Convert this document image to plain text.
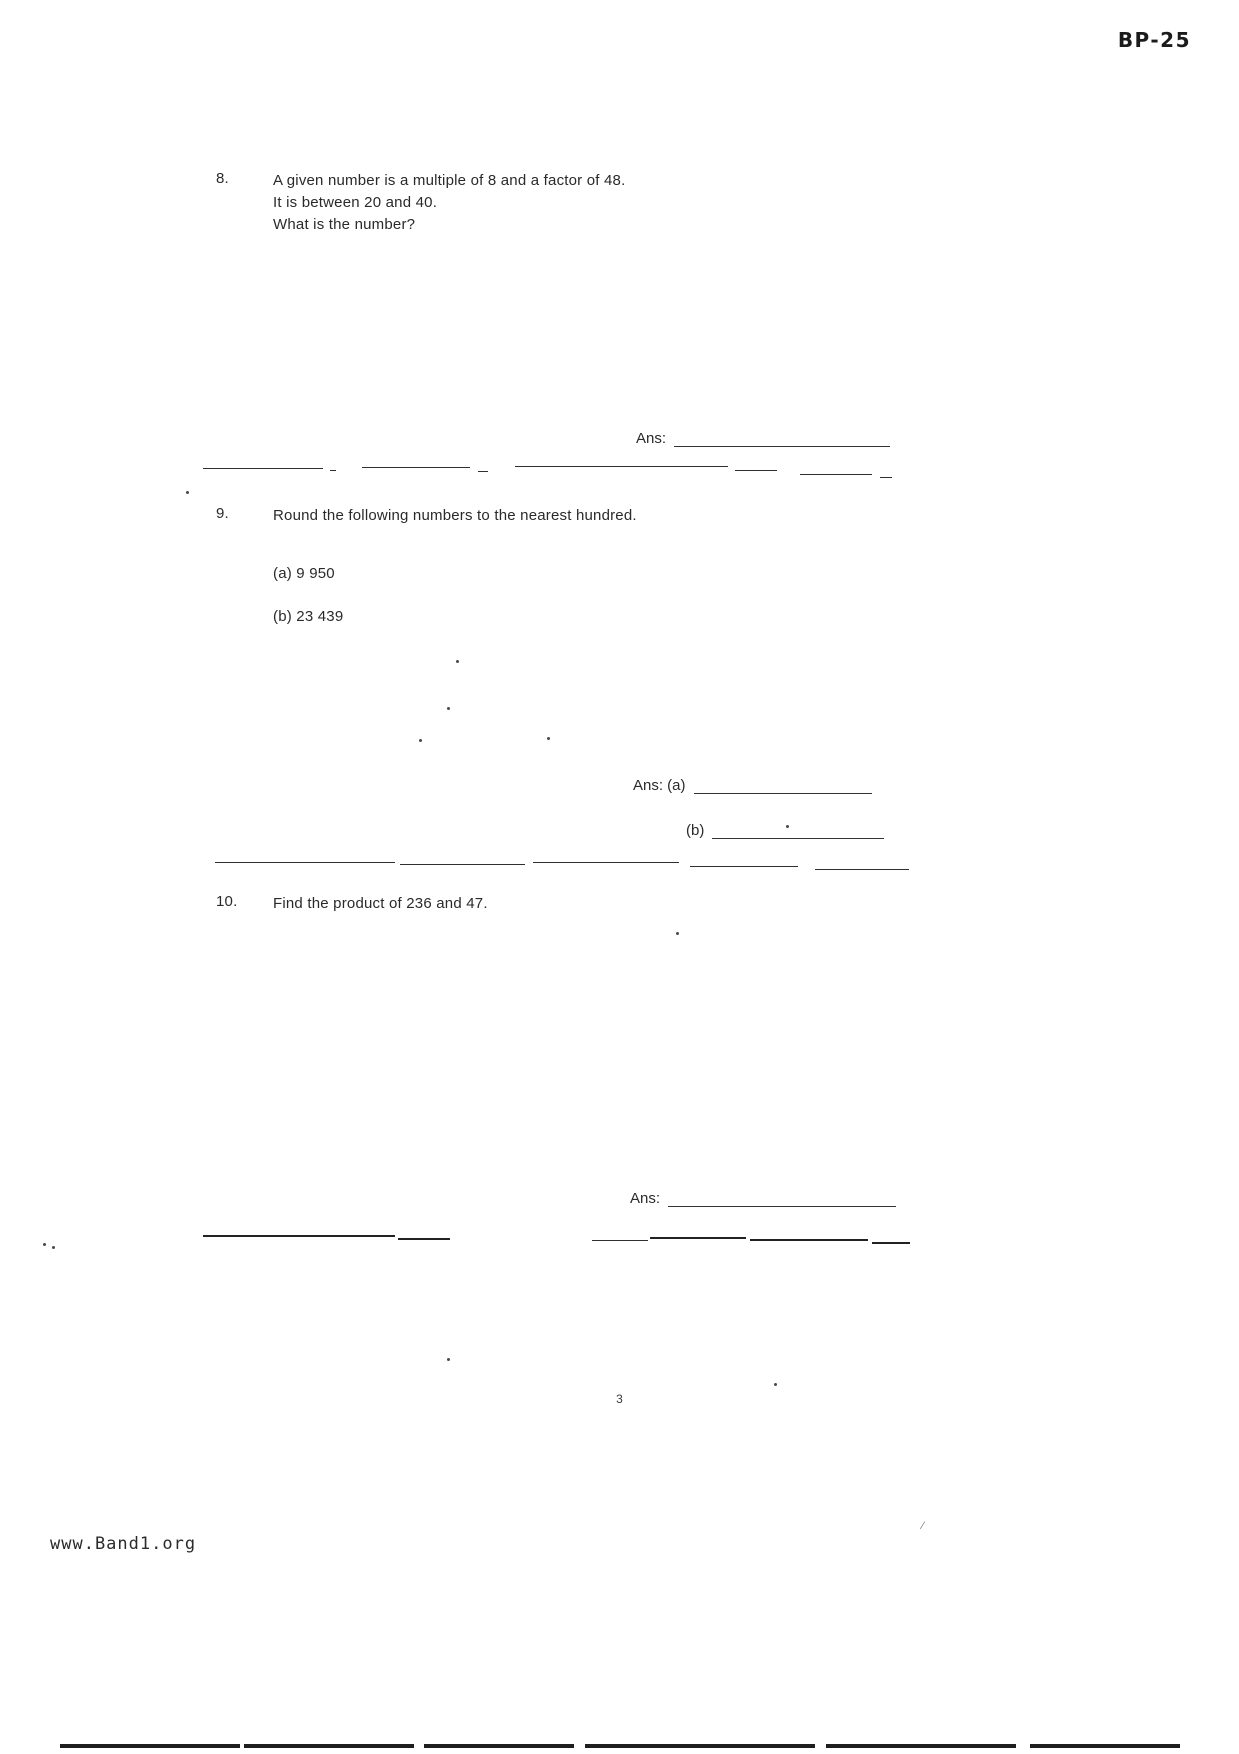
BP-25
8.	A given number is a multiple of 8 and a factor of 48.
It is between 20 and 40.
What is the number?
Ans:
9.	Round the following numbers to the nearest hundred.
(a) 9 950
(b) 23 439
Ans: (a)
(b)
10. Find the product of 236 and 47.
Ans:
⁄
3
www.Band1.org
